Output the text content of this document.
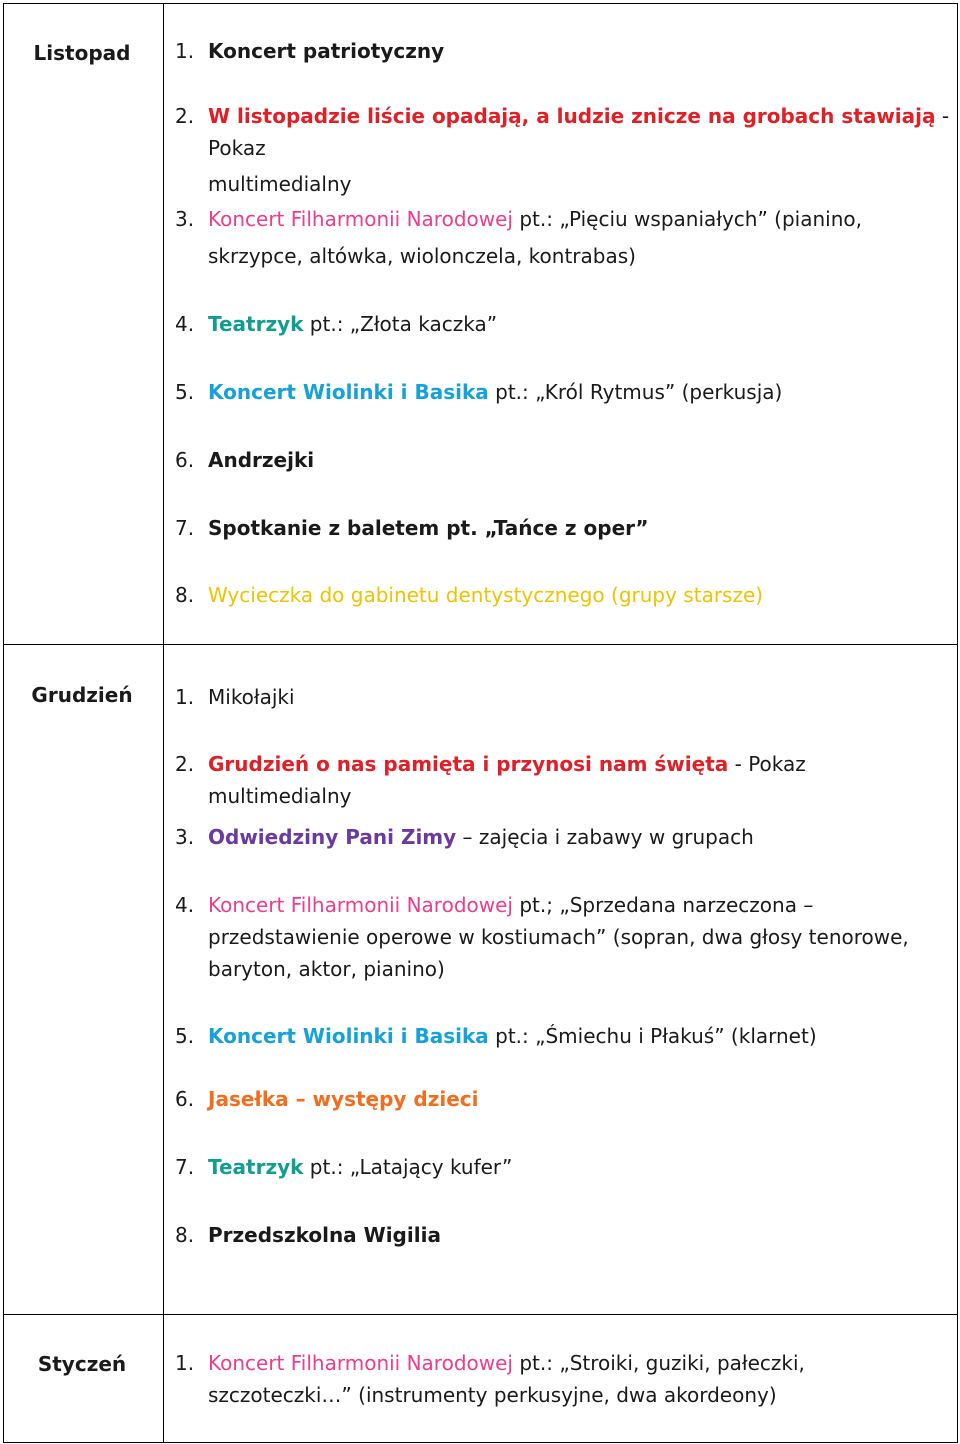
Listopad	1. Koncert patriotyczny
2. W listopadzie liście opadają, a ludzie znicze na grobach stawiają - Pokaz
multimedialny
3. Koncert Filharmonii Narodowej pt.: „Pięciu wspaniałych” (pianino,
skrzypce, altówka, wiolonczela, kontrabas)
4. Teatrzyk pt.: „Złota kaczka”
5. Koncert Wiolinki i Basika pt.: „Król Rytmus” (perkusja)
6. Andrzejki
7. Spotkanie z baletem pt. „Tańce z oper”
8. Wycieczka do gabinetu dentystycznego (grupy starsze)
Grudzień	1. Mikołajki
2. Grudzień o nas pamięta i przynosi nam święta - Pokaz multimedialny
3. Odwiedziny Pani Zimy – zajęcia i zabawy w grupach
4. Koncert Filharmonii Narodowej pt.; „Sprzedana narzeczona –
przedstawienie operowe w kostiumach” (sopran, dwa głosy tenorowe,
baryton, aktor, pianino)
5. Koncert Wiolinki i Basika pt.: „Śmiechu i Płakuś” (klarnet)
6. Jasełka – występy dzieci
7. Teatrzyk pt.: „Latający kufer”
8. Przedszkolna Wigilia
Styczeń	1. Koncert Filharmonii Narodowej pt.: „Stroiki, guziki, pałeczki,
szczoteczki…” (instrumenty perkusyjne, dwa akordeony)
